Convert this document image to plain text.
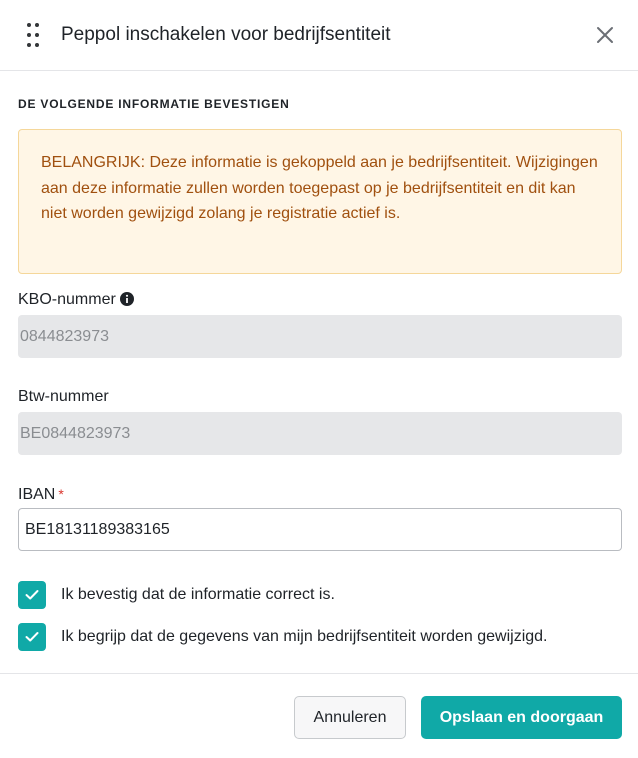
Peppol inschakelen voor bedrijfsentiteit
DE VOLGENDE INFORMATIE BEVESTIGEN
BELANGRIJK: Deze informatie is gekoppeld aan je bedrijfsentiteit. Wijzigingen aan deze informatie zullen worden toegepast op je bedrijfsentiteit en dit kan niet worden gewijzigd zolang je registratie actief is.
KBO-nummer
0844823973
Btw-nummer
BE0844823973
IBAN *
BE18131189383165
Ik bevestig dat de informatie correct is.
Ik begrijp dat de gegevens van mijn bedrijfsentiteit worden gewijzigd.
Annuleren	Opslaan en doorgaan
